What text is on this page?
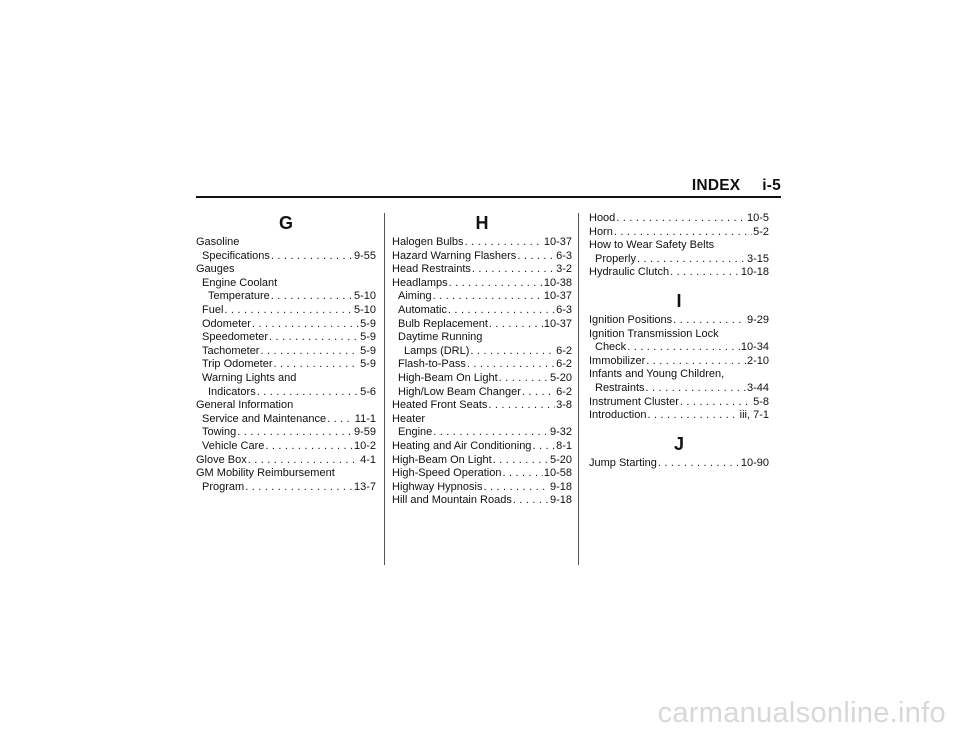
INDEX i-5
G
Gasoline
Specifications . . .	9-55
Gauges
Engine Coolant
Temperature . . .	5-10
Fuel . . .	5-10
Odometer . . .	5-9
Speedometer . . .	5-9
Tachometer . . .	5-9
Trip Odometer . . .	5-9
Warning Lights and
Indicators . . .	5-6
General Information
Service and Maintenance . . .	11-1
Towing . . .	9-59
Vehicle Care . . .	10-2
Glove Box . . .	4-1
GM Mobility Reimbursement
Program . . .	13-7
H
Halogen Bulbs . . .	10-37
Hazard Warning Flashers . . .	6-3
Head Restraints . . .	3-2
Headlamps . . .	10-38
Aiming . . .	10-37
Automatic . . .	6-3
Bulb Replacement . . .	10-37
Daytime Running
Lamps (DRL) . . .	6-2
Flash-to-Pass . . .	6-2
High-Beam On Light . . .	5-20
High/Low Beam Changer . . .	6-2
Heated Front Seats . . .	3-8
Heater
Engine . . .	9-32
Heating and Air Conditioning . . . 8-1
High-Beam On Light . . .	5-20
High-Speed Operation . . .	10-58
Highway Hypnosis . . .	9-18
Hill and Mountain Roads . . .	9-18
Hood . . .	10-5
Horn . . .	5-2
How to Wear Safety Belts
Properly . . .	3-15
Hydraulic Clutch . . .	10-18
I
Ignition Positions . . .	9-29
Ignition Transmission Lock
Check . . .	10-34
Immobilizer . . .	2-10
Infants and Young Children,
Restraints . . .	3-44
Instrument Cluster . . .	5-8
Introduction . . .	iii, 7-1
J
Jump Starting . . .	10-90
carmanualsonline.info
